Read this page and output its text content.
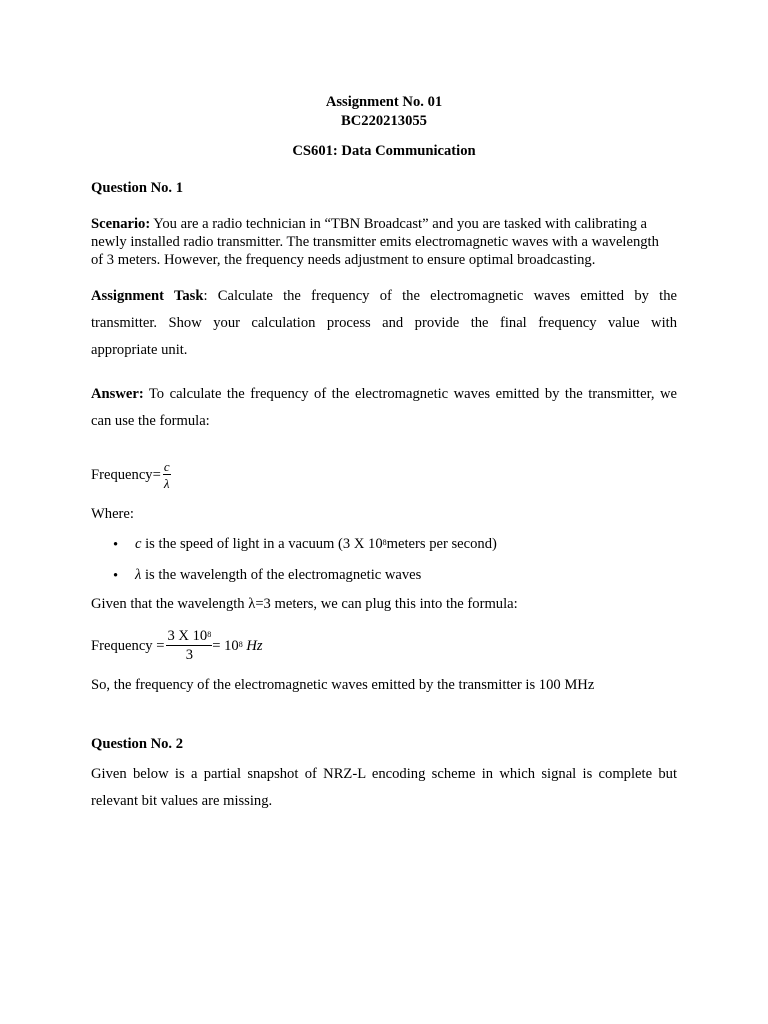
Assignment No. 01
BC220213055
CS601: Data Communication
Question No. 1
Scenario: You are a radio technician in “TBN Broadcast” and you are tasked with calibrating a
newly installed radio transmitter. The transmitter emits electromagnetic waves with a wavelength
of 3 meters. However, the frequency needs adjustment to ensure optimal broadcasting.
Assignment Task: Calculate the frequency of the electromagnetic waves emitted by the
transmitter. Show your calculation process and provide the final frequency value with
appropriate unit.
Answer: To calculate the frequency of the electromagnetic waves emitted by the transmitter, we
can use the formula:
Frequency= $\frac{c}{\lambda}$
Where:
• c is the speed of light in a vacuum (3 X $10^8meters$ per second)
• λ is the wavelength of the electromagnetic waves
Given that the wavelength λ=3 meters, we can plug this into the formula:
Frequency = $\frac{3 X 10^8}{3} = 10^8$ Hz
So, the frequency of the electromagnetic waves emitted by the transmitter is 100 MHz
Question No. 2
Given below is a partial snapshot of NRZ-L encoding scheme in which signal is complete but
relevant bit values are missing.
